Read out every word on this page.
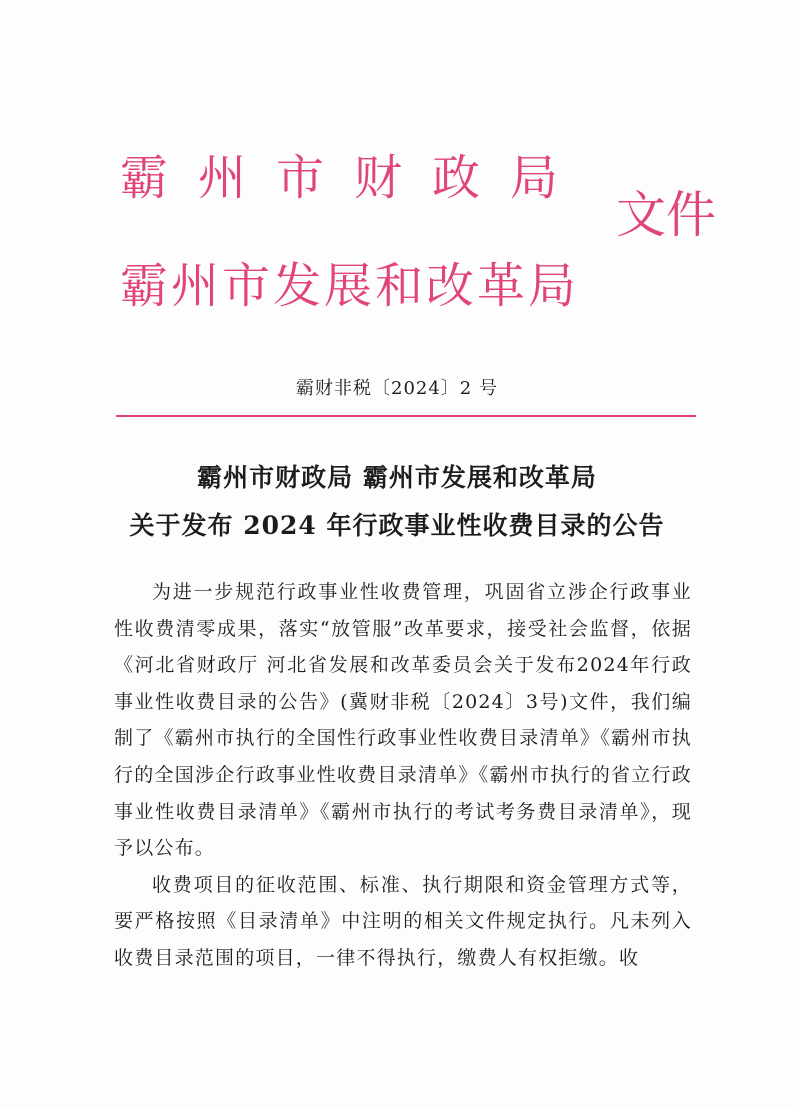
霸州市财政局
霸州市发展和改革局
文件
霸财非税〔2024〕2 号
霸州市财政局 霸州市发展和改革局
关于发布 2024 年行政事业性收费目录的公告

为进一步规范行政事业性收费管理，巩固省立涉企行政事业性收费清零成果，落实“放管服”改革要求，接受社会监督，依据《河北省财政厅 河北省发展和改革委员会关于发布2024年行政事业性收费目录的公告》(冀财非税〔2024〕3号)文件，我们编制了《霸州市执行的全国性行政事业性收费目录清单》《霸州市执行的全国涉企行政事业性收费目录清单》《霸州市执行的省立行政事业性收费目录清单》《霸州市执行的考试考务费目录清单》，现予以公布。

收费项目的征收范围、标准、执行期限和资金管理方式等，要严格按照《目录清单》中注明的相关文件规定执行。凡未列入收费目录范围的项目，一律不得执行，缴费人有权拒缴。收
